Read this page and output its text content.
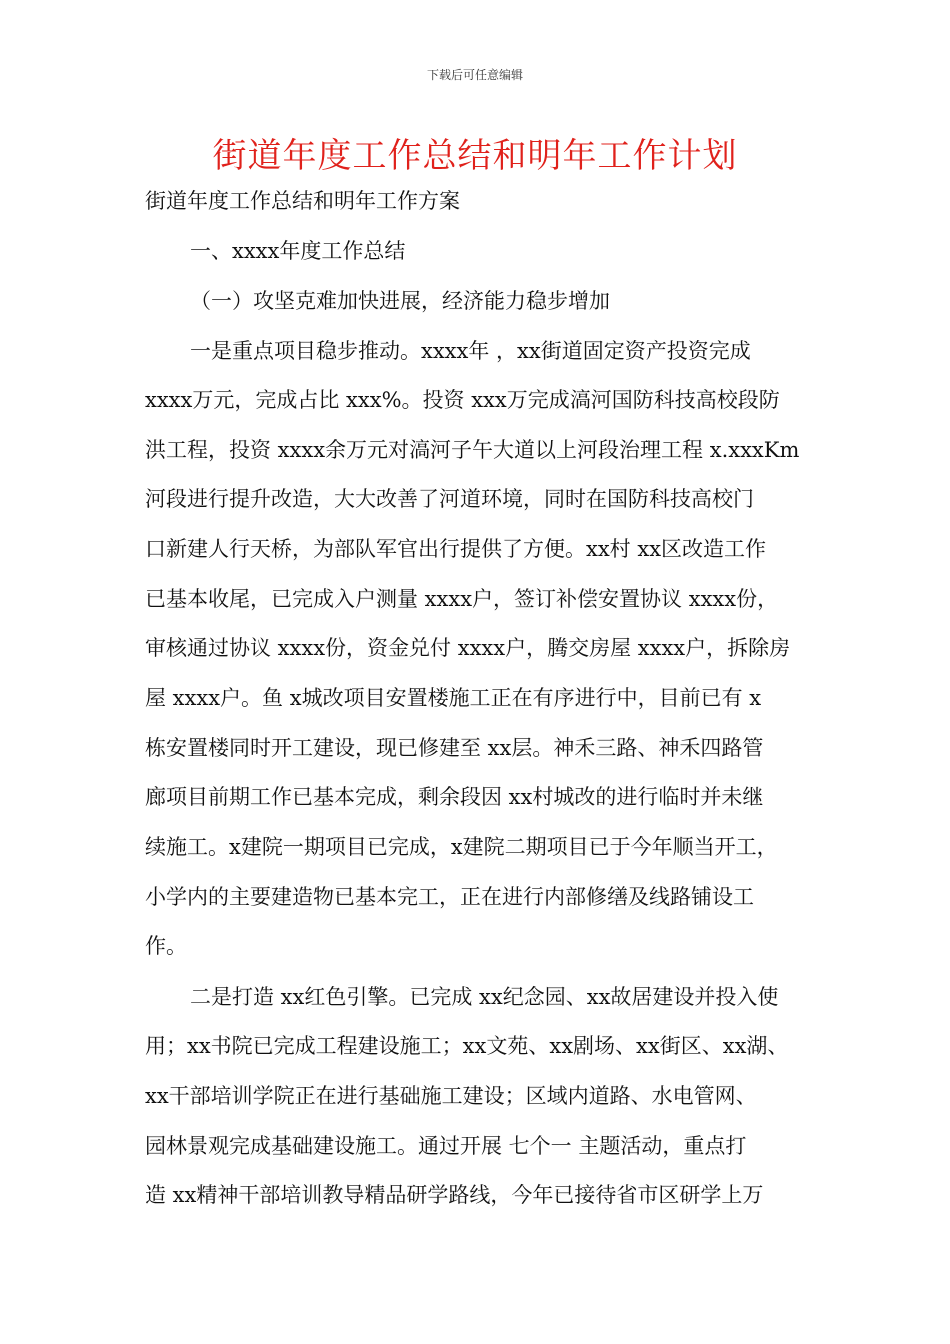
下载后可任意编辑
街道年度工作总结和明年工作计划
街道年度工作总结和明年工作方案
一、xxxx年度工作总结
（一）攻坚克难加快进展，经济能力稳步增加
一是重点项目稳步推动。xxxx年 ，xx街道固定资产投资完成
xxxx万元，完成占比 xxx%。投资 xxx万完成滈河国防科技高校段防
洪工程，投资 xxxx余万元对滈河子午大道以上河段治理工程 x.xxxKm
河段进行提升改造，大大改善了河道环境，同时在国防科技高校门
口新建人行天桥，为部队军官出行提供了方便。xx村 xx区改造工作
已基本收尾，已完成入户测量 xxxx户，签订补偿安置协议 xxxx份，
审核通过协议 xxxx份，资金兑付 xxxx户，腾交房屋 xxxx户，拆除房
屋 xxxx户。鱼 x城改项目安置楼施工正在有序进行中，目前已有 x
栋安置楼同时开工建设，现已修建至 xx层。神禾三路、神禾四路管
廊项目前期工作已基本完成，剩余段因 xx村城改的进行临时并未继
续施工。x建院一期项目已完成，x建院二期项目已于今年顺当开工，
小学内的主要建造物已基本完工，正在进行内部修缮及线路铺设工
作。
二是打造 xx红色引擎。已完成 xx纪念园、xx故居建设并投入使
用；xx书院已完成工程建设施工；xx文苑、xx剧场、xx街区、xx湖、
xx干部培训学院正在进行基础施工建设；区域内道路、水电管网、
园林景观完成基础建设施工。通过开展 七个一 主题活动，重点打
造 xx精神干部培训教导精品研学路线，今年已接待省市区研学上万
